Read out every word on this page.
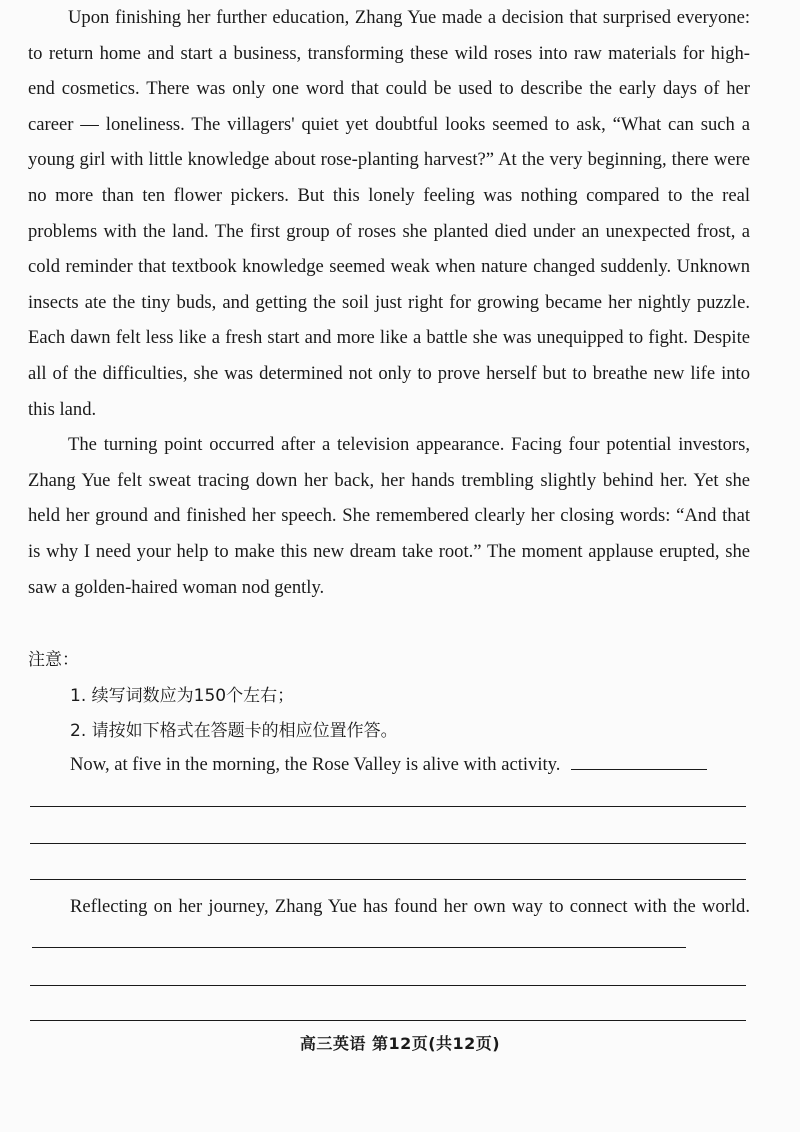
Upon finishing her further education, Zhang Yue made a decision that surprised everyone: to return home and start a business, transforming these wild roses into raw materials for high-end cosmetics. There was only one word that could be used to describe the early days of her career — loneliness. The villagers' quiet yet doubtful looks seemed to ask, “What can such a young girl with little knowledge about rose-planting harvest?” At the very beginning, there were no more than ten flower pickers. But this lonely feeling was nothing compared to the real problems with the land. The first group of roses she planted died under an unexpected frost, a cold reminder that textbook knowledge seemed weak when nature changed suddenly. Unknown insects ate the tiny buds, and getting the soil just right for growing became her nightly puzzle. Each dawn felt less like a fresh start and more like a battle she was unequipped to fight. Despite all of the difficulties, she was determined not only to prove herself but to breathe new life into this land.

The turning point occurred after a television appearance. Facing four potential investors, Zhang Yue felt sweat tracing down her back, her hands trembling slightly behind her. Yet she held her ground and finished her speech. She remembered clearly her closing words: “And that is why I need your help to make this new dream take root.” The moment applause erupted, she saw a golden-haired woman nod gently.

注意：
1. 续写词数应为150个左右；
2. 请按如下格式在答题卡的相应位置作答。
Now, at five in the morning, the Rose Valley is alive with activity.

Reflecting on her journey, Zhang Yue has found her own way to connect with the world.

高三英语 第12页(共12页)
